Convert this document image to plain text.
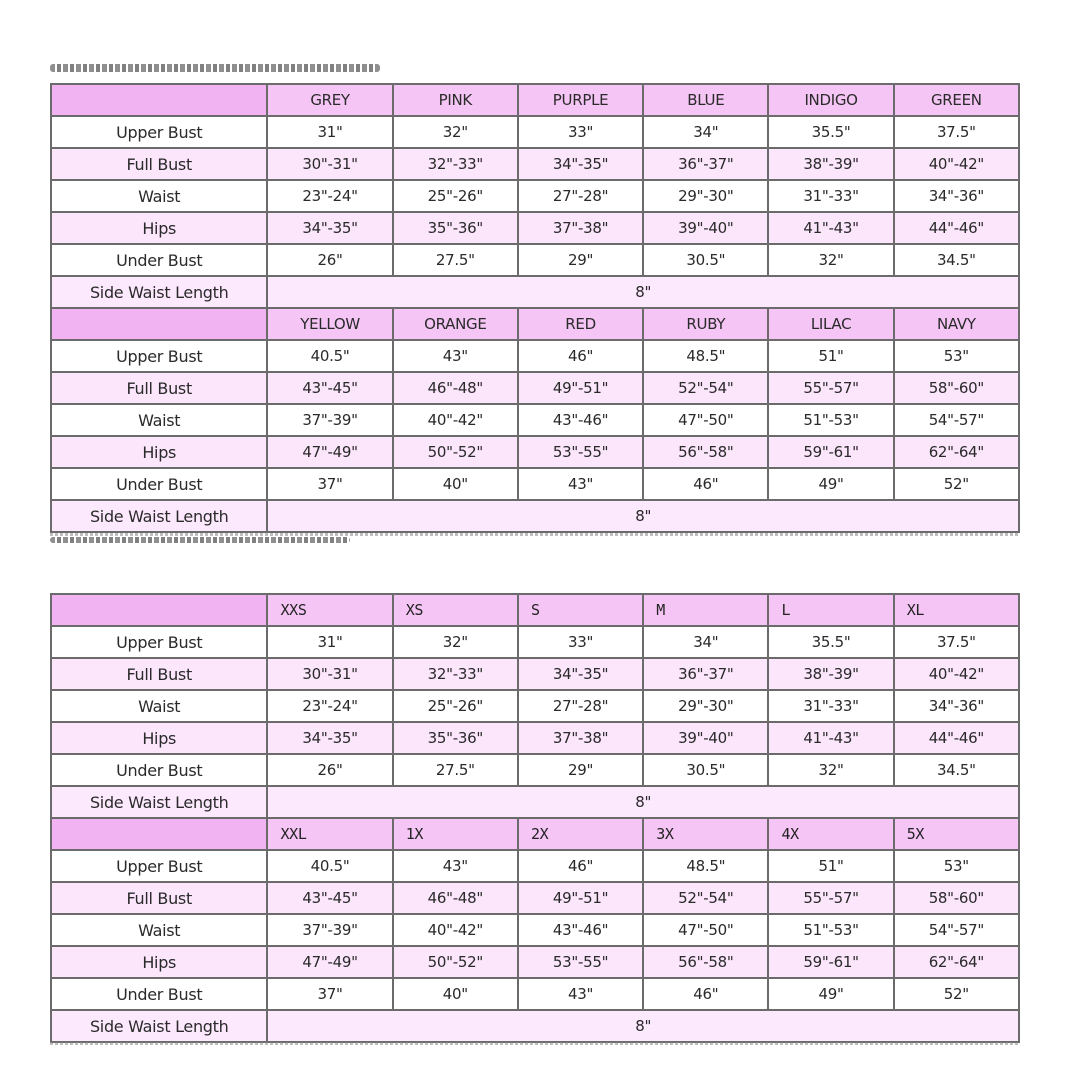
	GREY	PINK	PURPLE	BLUE	INDIGO	GREEN
Upper Bust	31"	32"	33"	34"	35.5"	37.5"
Full Bust	30"-31"	32"-33"	34"-35"	36"-37"	38"-39"	40"-42"
Waist	23"-24"	25"-26"	27"-28"	29"-30"	31"-33"	34"-36"
Hips	34"-35"	35"-36"	37"-38"	39"-40"	41"-43"	44"-46"
Under Bust	26"	27.5"	29"	30.5"	32"	34.5"
Side Waist Length	8"					
	YELLOW	ORANGE	RED	RUBY	LILAC	NAVY
Upper Bust	40.5"	43"	46"	48.5"	51"	53"
Full Bust	43"-45"	46"-48"	49"-51"	52"-54"	55"-57"	58"-60"
Waist	37"-39"	40"-42"	43"-46"	47"-50"	51"-53"	54"-57"
Hips	47"-49"	50"-52"	53"-55"	56"-58"	59"-61"	62"-64"
Under Bust	37"	40"	43"	46"	49"	52"
Side Waist Length	8"					
	XXS	XS	S	M	L	XL
Upper Bust	31"	32"	33"	34"	35.5"	37.5"
Full Bust	30"-31"	32"-33"	34"-35"	36"-37"	38"-39"	40"-42"
Waist	23"-24"	25"-26"	27"-28"	29"-30"	31"-33"	34"-36"
Hips	34"-35"	35"-36"	37"-38"	39"-40"	41"-43"	44"-46"
Under Bust	26"	27.5"	29"	30.5"	32"	34.5"
Side Waist Length	8"					
	XXL	1X	2X	3X	4X	5X
Upper Bust	40.5"	43"	46"	48.5"	51"	53"
Full Bust	43"-45"	46"-48"	49"-51"	52"-54"	55"-57"	58"-60"
Waist	37"-39"	40"-42"	43"-46"	47"-50"	51"-53"	54"-57"
Hips	47"-49"	50"-52"	53"-55"	56"-58"	59"-61"	62"-64"
Under Bust	37"	40"	43"	46"	49"	52"
Side Waist Length	8"					
